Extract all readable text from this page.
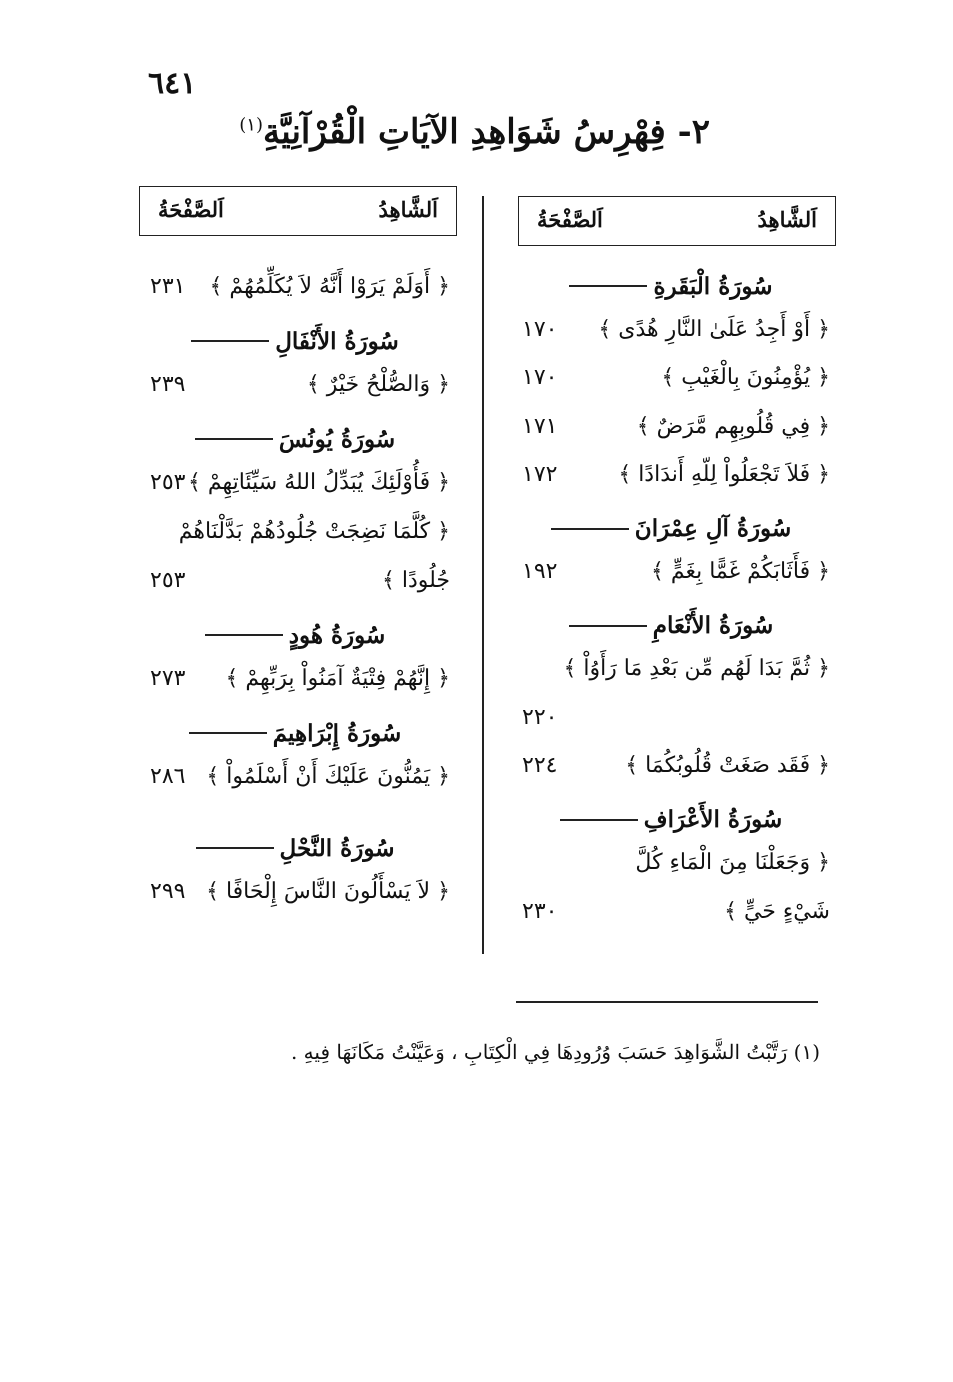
٦٤١
٢- فِهْرِسُ شَوَاهِدِ الآيَاتِ الْقُرْآنِيَّةِ$^{(١)}$
اَلشَّاهِدُ
اَلصَّفْحَةُ
اَلشَّاهِدُ
اَلصَّفْحَةُ
سُورَةُ الْبَقَرةِ
﴿ أَوْ أَجِدُ عَلَىٰ النَّارِ هُدًى ﴾
١٧٠
﴿ يُؤْمِنُونَ بِالْغَيْبِ ﴾
١٧٠
﴿ فِي قُلُوبِهِم مَّرَضٌ ﴾
١٧١
﴿ فَلاَ تَجْعَلُواْ لِلّهِ أَندَادًا ﴾
١٧٢
سُورَةُ آلِ عِمْرَانَ
﴿ فَأَثَابَكُمْ غَمًّا بِغَمٍّ ﴾
١٩٢
سُورَةُ الأَنْعَامِ
﴿ ثُمَّ بَدَا لَهُم مِّن بَعْدِ مَا رَأَوُاْ ﴾
٢٢٠
﴿ فَقَد صَغَتْ قُلُوبُكُمَا ﴾
٢٢٤
سُورَةُ الأَعْرَافِ
﴿ وَجَعَلْنَا مِنَ الْمَاءِ كُلَّ
شَيْءٍ حَيٍّ ﴾
٢٣٠
﴿ أَوَلَمْ يَرَوْا أَنَّهُ لاَ يُكَلِّمُهُمْ ﴾
٢٣١
سُورَةُ الأَنْفَالِ
﴿ وَالصُّلْحُ خَيْرٌ ﴾
٢٣٩
سُورَةُ يُونُسَ
﴿ فَأُوْلَئِكَ يُبَدِّلُ اللهُ سَيِّئَاتِهِمْ ﴾
٢٥٣
﴿ كُلَّمَا نَضِجَتْ جُلُودُهُمْ بَدَّلْنَاهُمْ
جُلُودًا ﴾
٢٥٣
سُورَةُ هُودٍ
﴿ إِنَّهُمْ فِتْيَةٌ آمَنُواْ بِرَبِّهِمْ ﴾
٢٧٣
سُورَةُ إِبْرَاهِيمَ
﴿ يَمُنُّونَ عَلَيْكَ أَنْ أَسْلَمُواْ ﴾
٢٨٦
سُورَةُ النَّحْلِ
﴿ لاَ يَسْأَلُونَ النَّاسَ إِلْحَافًا ﴾
٢٩٩
(١) رَتَّبْتُ الشَّوَاهِدَ حَسَبَ وُرُودِهَا فِي الْكِتَابِ ، وَعَيَّنْتُ مَكَانَهَا فِيهِ .
